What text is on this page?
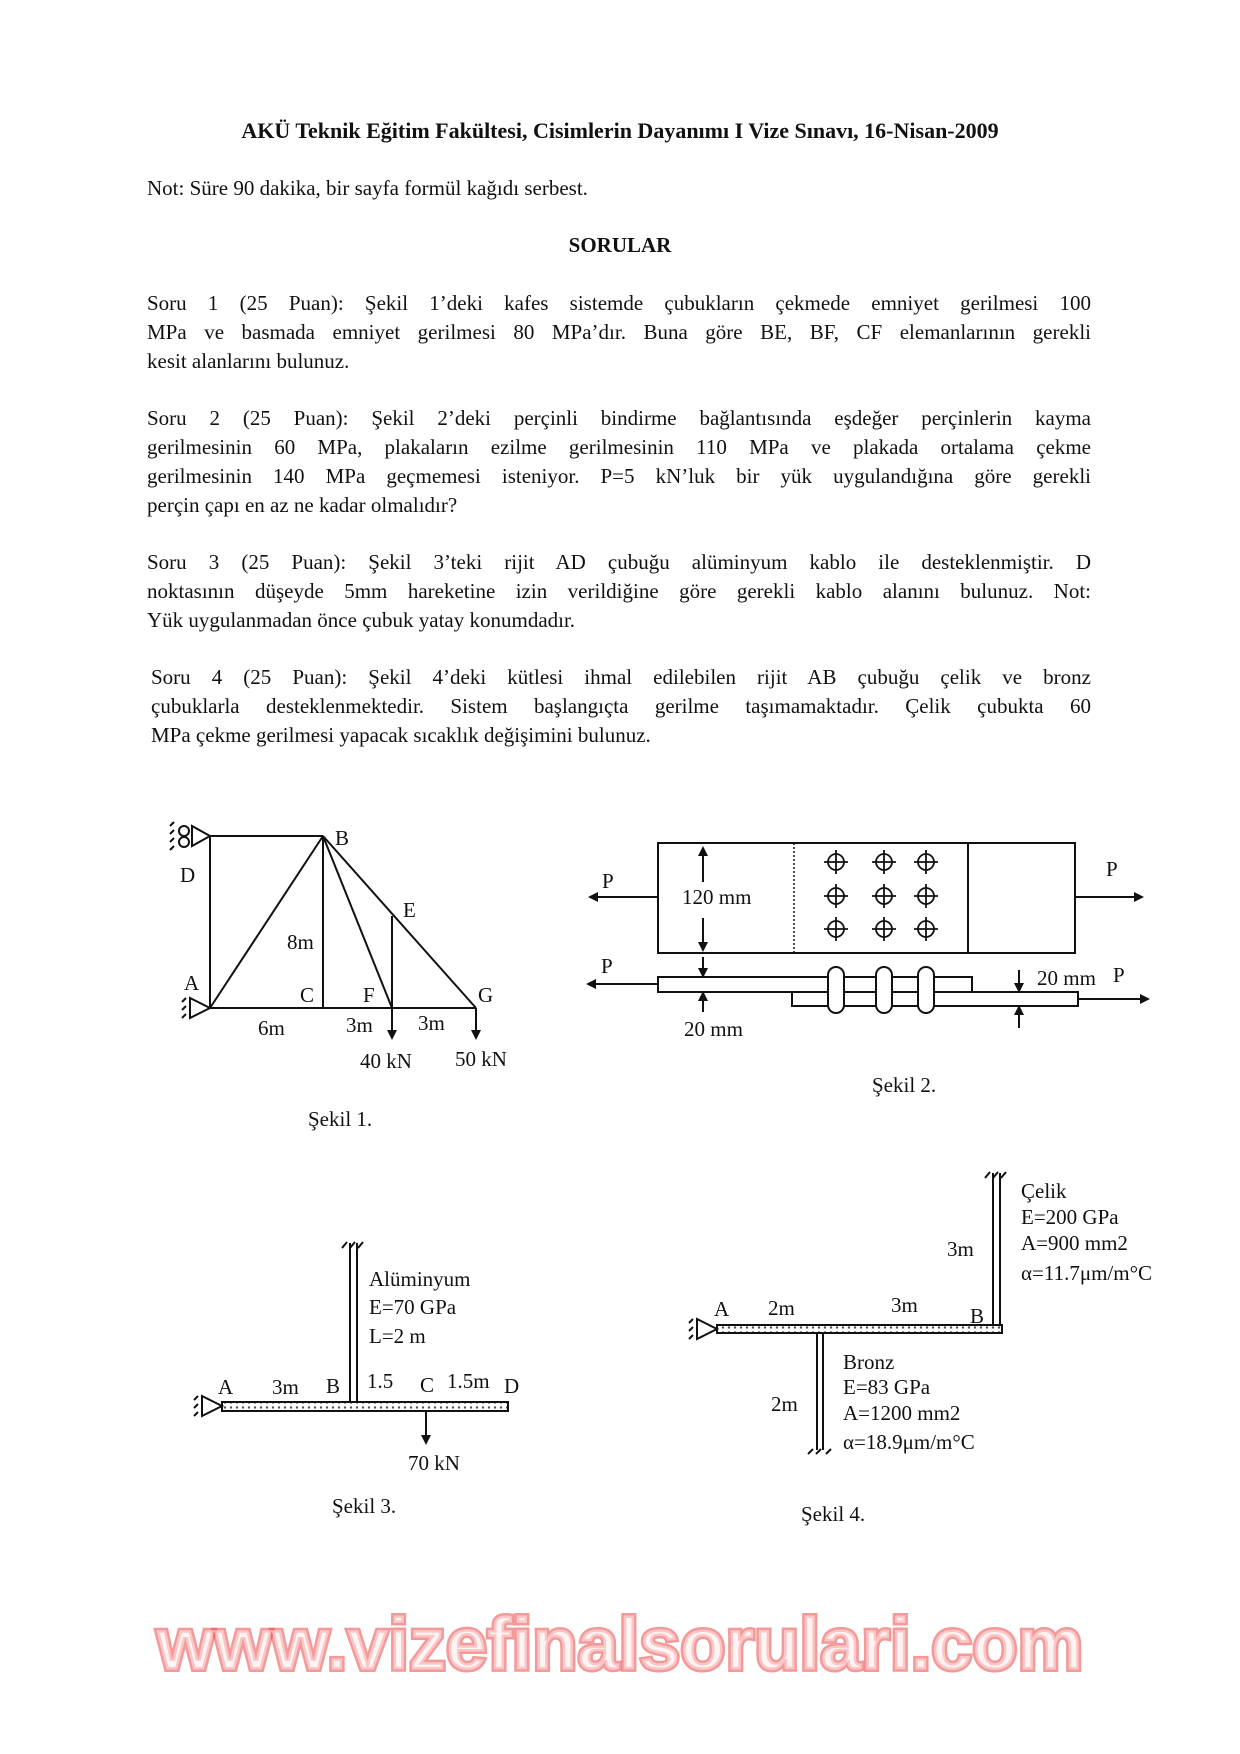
AKÜ Teknik Eğitim Fakültesi, Cisimlerin Dayanımı I Vize Sınavı, 16-Nisan-2009
Not: Süre 90 dakika, bir sayfa formül kağıdı serbest.
SORULAR
Soru 1 (25 Puan): Şekil 1’deki kafes sistemde çubukların çekmede emniyet gerilmesi 100
MPa ve basmada emniyet gerilmesi 80 MPa’dır. Buna göre BE, BF, CF elemanlarının gerekli
kesit alanlarını bulunuz.
Soru 2 (25 Puan): Şekil 2’deki perçinli bindirme bağlantısında eşdeğer perçinlerin kayma
gerilmesinin 60 MPa, plakaların ezilme gerilmesinin 110 MPa ve plakada ortalama çekme
gerilmesinin 140 MPa geçmemesi isteniyor. P=5 kN’luk bir yük uygulandığına göre gerekli
perçin çapı en az ne kadar olmalıdır?
Soru 3 (25 Puan): Şekil 3’teki rijit AD çubuğu alüminyum kablo ile desteklenmiştir. D
noktasının düşeyde 5mm hareketine izin verildiğine göre gerekli kablo alanını bulunuz. Not:
Yük uygulanmadan önce çubuk yatay konumdadır.
Soru 4 (25 Puan): Şekil 4’deki kütlesi ihmal edilebilen rijit AB çubuğu çelik ve bronz
çubuklarla desteklenmektedir. Sistem başlangıçta gerilme taşımamaktadır. Çelik çubukta 60
MPa çekme gerilmesi yapacak sıcaklık değişimini bulunuz.
B
D
8m
A	C F	G
E
6m	3m 3m
40 kN 50 kN
Şekil 1.
P	P
120 mm
P	P
20 mm
20 mm
Şekil 2.
Alüminyum
E=70 GPa
L=2 m
A 3m B 1.5 C 1.5m D
70 kN
Şekil 3.
Çelik
E=200 GPa
A=900 mm2
α=11.7μm/m°C
3m
A 2m	3m B
Bronz
E=83 GPa
A=1200 mm2
α=18.9μm/m°C
2m
Şekil 4.
www.vizefinalsorulari.com
